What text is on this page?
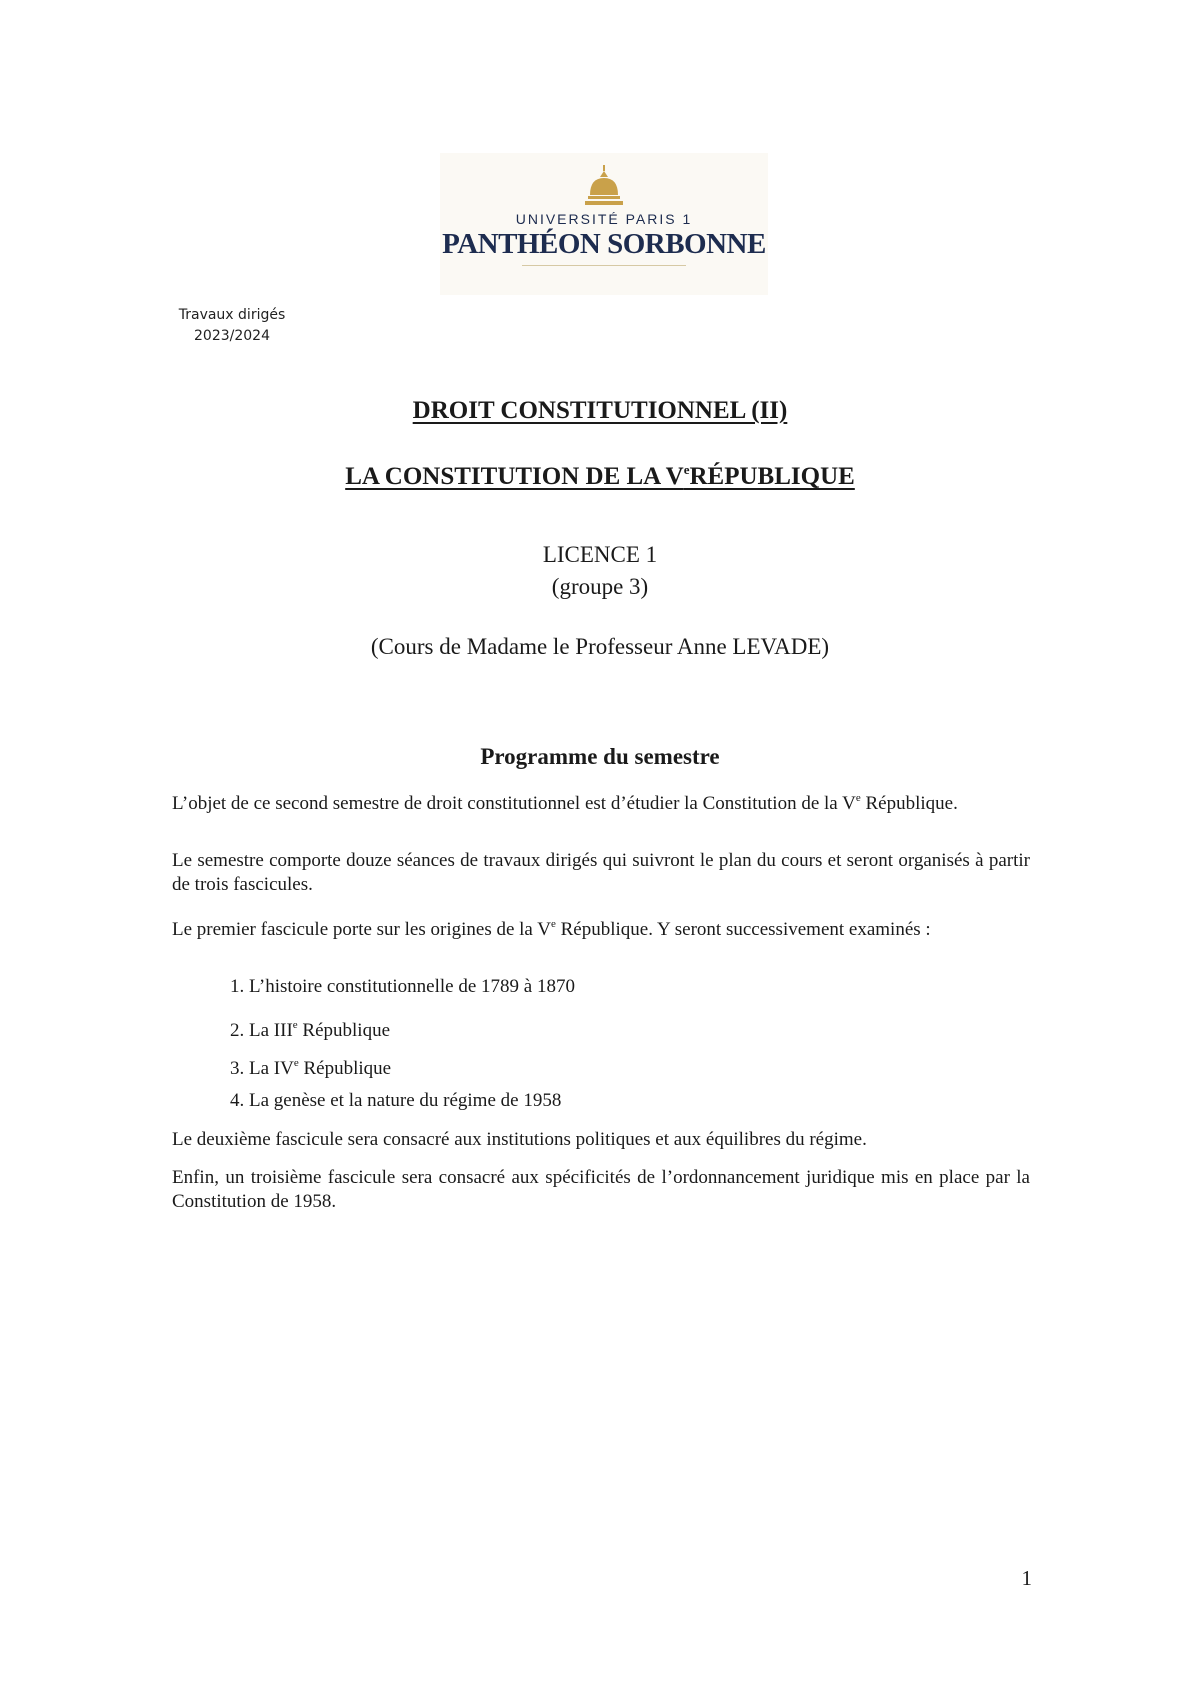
UNIVERSITÉ PARIS 1
PANTHÉON SORBONNE
Travaux dirigés
2023/2024
DROIT CONSTITUTIONNEL (II)
LA CONSTITUTION DE LA VeRÉPUBLIQUE
LICENCE 1
(groupe 3)
(Cours de Madame le Professeur Anne LEVADE)
Programme du semestre
L’objet de ce second semestre de droit constitutionnel est d’étudier la Constitution de la Ve République.
Le semestre comporte douze séances de travaux dirigés qui suivront le plan du cours et seront organisés à partir de trois fascicules.
Le premier fascicule porte sur les origines de la Ve République. Y seront successivement examinés :
1. L’histoire constitutionnelle de 1789 à 1870
2. La IIIe République
3. La IVe République
4. La genèse et la nature du régime de 1958
Le deuxième fascicule sera consacré aux institutions politiques et aux équilibres du régime.
Enfin, un troisième fascicule sera consacré aux spécificités de l’ordonnancement juridique mis en place par la Constitution de 1958.
1
